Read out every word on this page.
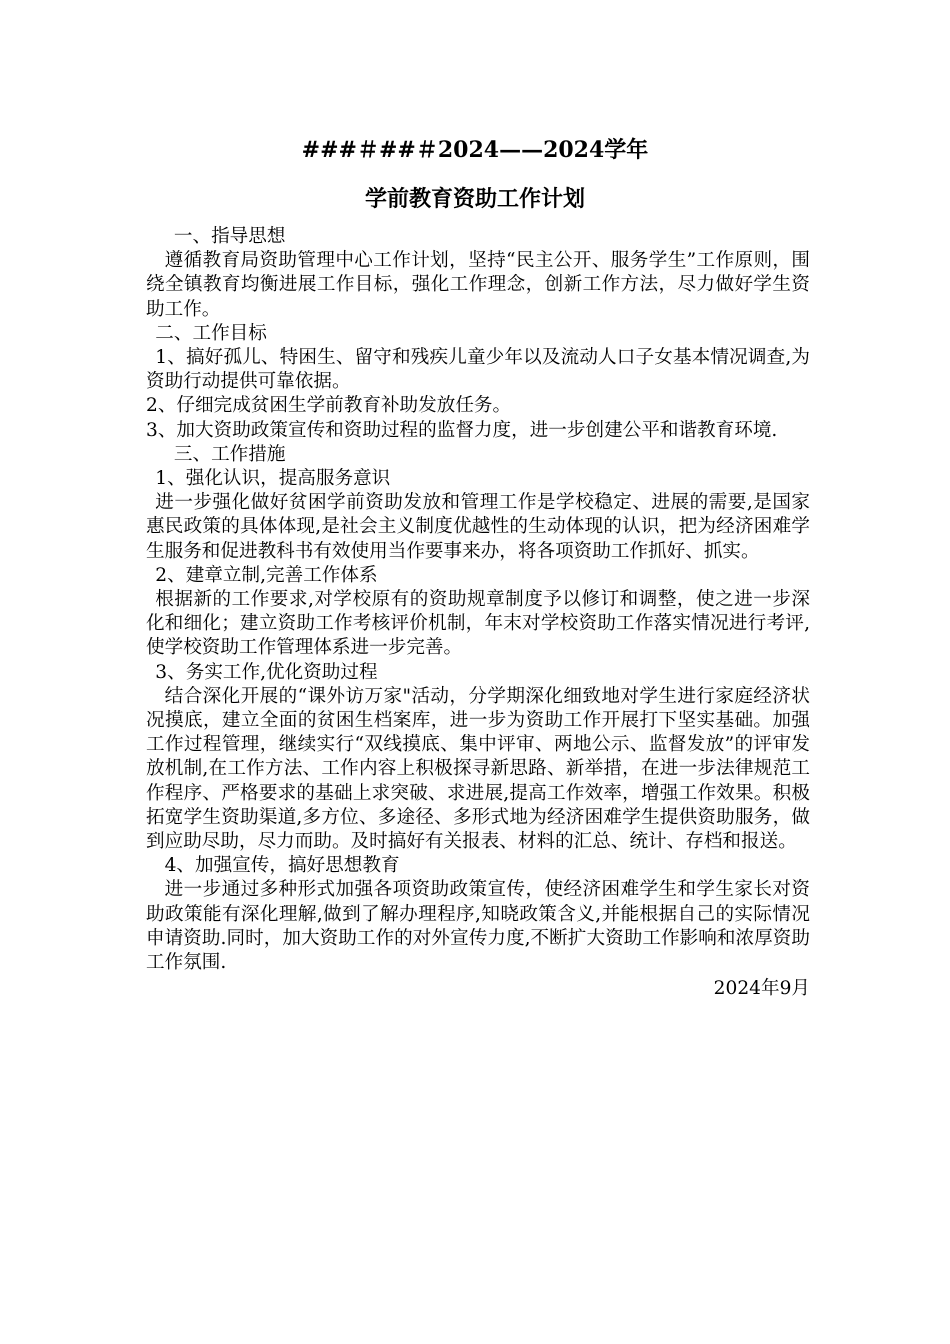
###＃##＃2024——2024学年
学前教育资助工作计划

一、指导思想

遵循教育局资助管理中心工作计划，坚持“民主公开、服务学生”工作原则，围绕全镇教育均衡进展工作目标，强化工作理念，创新工作方法，尽力做好学生资助工作。

二、工作目标

1、搞好孤儿、特困生、留守和残疾儿童少年以及流动人口子女基本情况调查,为资助行动提供可靠依据。

2、仔细完成贫困生学前教育补助发放任务。

3、加大资助政策宣传和资助过程的监督力度，进一步创建公平和谐教育环境.

三、工作措施

1、强化认识，提高服务意识

进一步强化做好贫困学前资助发放和管理工作是学校稳定、进展的需要,是国家惠民政策的具体体现,是社会主义制度优越性的生动体现的认识，把为经济困难学生服务和促进教科书有效使用当作要事来办，将各项资助工作抓好、抓实。

2、建章立制,完善工作体系

根据新的工作要求,对学校原有的资助规章制度予以修订和调整，使之进一步深化和细化；建立资助工作考核评价机制，年末对学校资助工作落实情况进行考评,使学校资助工作管理体系进一步完善。

3、务实工作,优化资助过程

结合深化开展的“课外访万家"活动，分学期深化细致地对学生进行家庭经济状况摸底，建立全面的贫困生档案库，进一步为资助工作开展打下坚实基础。加强工作过程管理，继续实行“双线摸底、集中评审、两地公示、监督发放”的评审发放机制,在工作方法、工作内容上积极探寻新思路、新举措，在进一步法律规范工作程序、严格要求的基础上求突破、求进展,提高工作效率，增强工作效果。积极拓宽学生资助渠道,多方位、多途径、多形式地为经济困难学生提供资助服务，做到应助尽助，尽力而助。及时搞好有关报表、材料的汇总、统计、存档和报送。

4、加强宣传，搞好思想教育

进一步通过多种形式加强各项资助政策宣传，使经济困难学生和学生家长对资助政策能有深化理解,做到了解办理程序,知晓政策含义,并能根据自己的实际情况申请资助.同时，加大资助工作的对外宣传力度,不断扩大资助工作影响和浓厚资助工作氛围.

2024年9月
